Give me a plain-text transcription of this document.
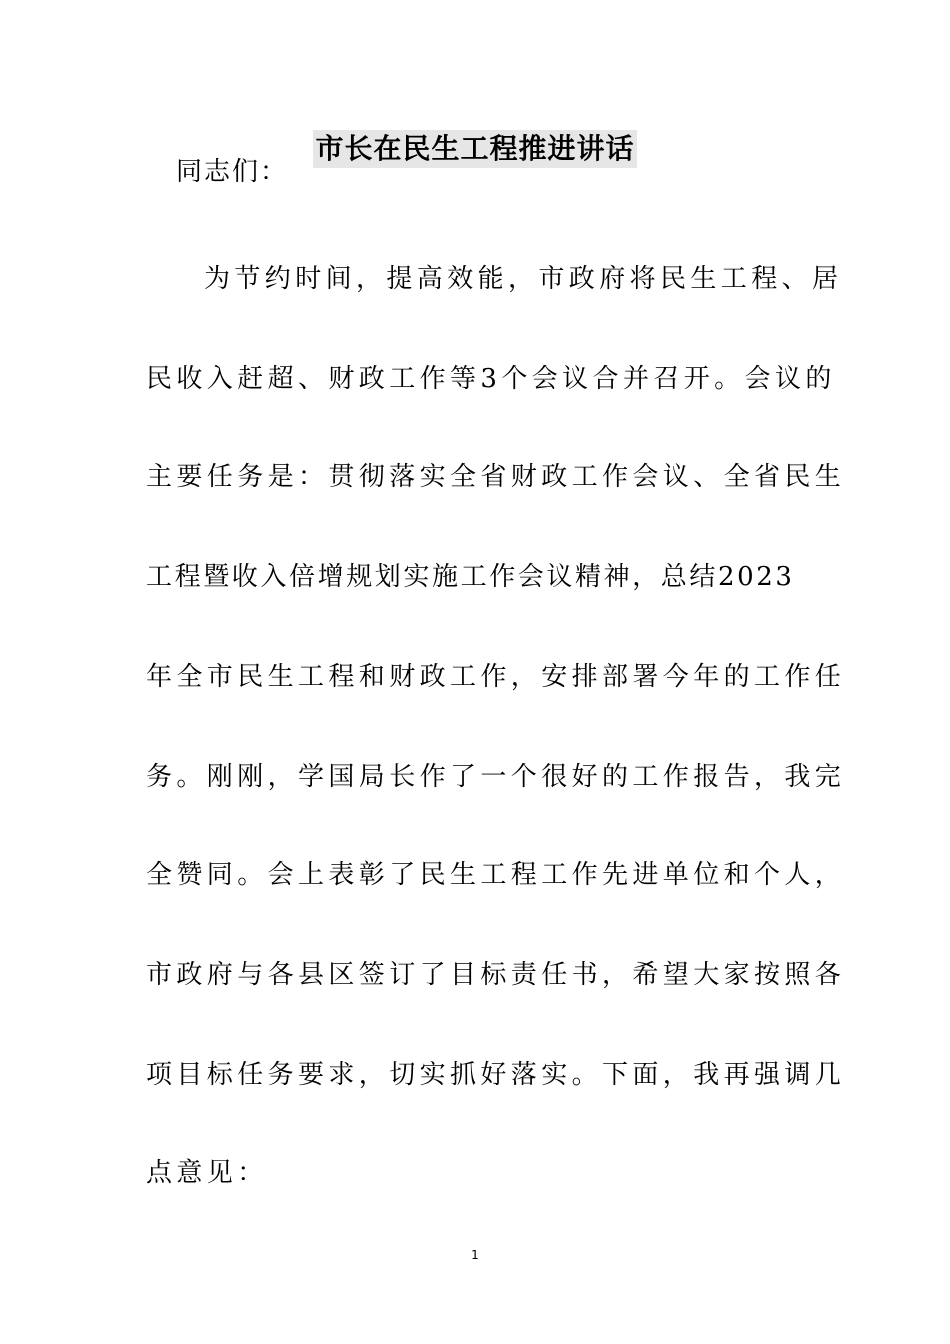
市长在民生工程推进讲话
同志们：
为节约时间，提高效能，市政府将民生工程、居
民收入赶超、财政工作等3个会议合并召开。会议的
主要任务是：贯彻落实全省财政工作会议、全省民生
工程暨收入倍增规划实施工作会议精神，总结2023
年全市民生工程和财政工作，安排部署今年的工作任
务。刚刚，学国局长作了一个很好的工作报告，我完
全赞同。会上表彰了民生工程工作先进单位和个人，
市政府与各县区签订了目标责任书，希望大家按照各
项目标任务要求，切实抓好落实。下面，我再强调几
点意见：
1
